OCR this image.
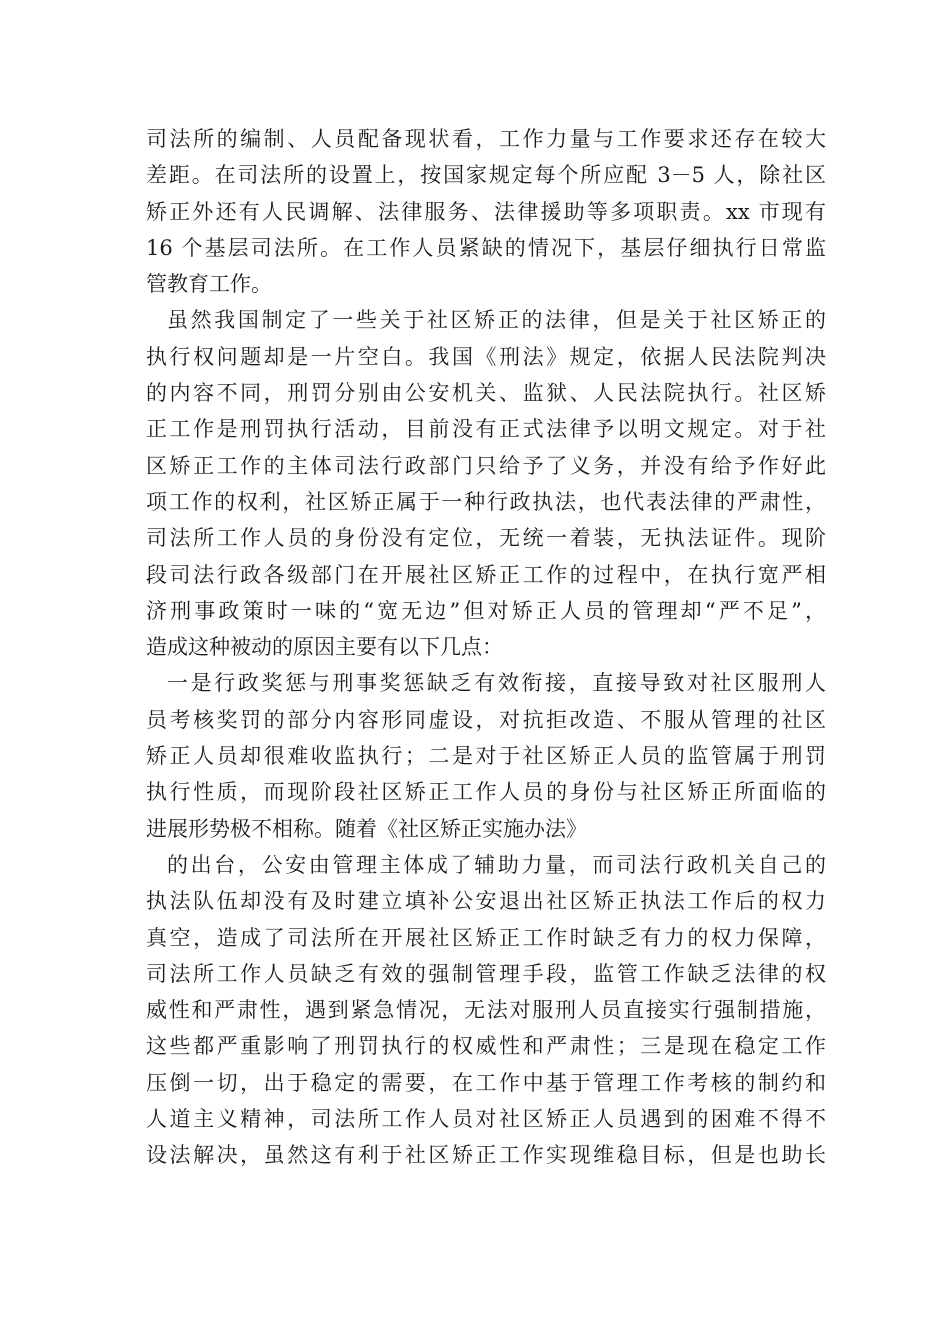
司法所的编制、人员配备现状看，工作力量与工作要求还存在较大
差距。在司法所的设置上，按国家规定每个所应配 3－5 人，除社区
矫正外还有人民调解、法律服务、法律援助等多项职责。xx 市现有
16 个基层司法所。在工作人员紧缺的情况下，基层仔细执行日常监
管教育工作。
虽然我国制定了一些关于社区矫正的法律，但是关于社区矫正的
执行权问题却是一片空白。我国《刑法》规定，依据人民法院判决
的内容不同，刑罚分别由公安机关、监狱、人民法院执行。社区矫
正工作是刑罚执行活动，目前没有正式法律予以明文规定。对于社
区矫正工作的主体司法行政部门只给予了义务，并没有给予作好此
项工作的权利，社区矫正属于一种行政执法，也代表法律的严肃性，
司法所工作人员的身份没有定位，无统一着装，无执法证件。现阶
段司法行政各级部门在开展社区矫正工作的过程中，在执行宽严相
济刑事政策时一味的“宽无边”但对矫正人员的管理却“严不足”，
造成这种被动的原因主要有以下几点：
一是行政奖惩与刑事奖惩缺乏有效衔接，直接导致对社区服刑人
员考核奖罚的部分内容形同虚设，对抗拒改造、不服从管理的社区
矫正人员却很难收监执行；二是对于社区矫正人员的监管属于刑罚
执行性质，而现阶段社区矫正工作人员的身份与社区矫正所面临的
进展形势极不相称。随着《社区矫正实施办法》
的出台，公安由管理主体成了辅助力量，而司法行政机关自己的
执法队伍却没有及时建立填补公安退出社区矫正执法工作后的权力
真空，造成了司法所在开展社区矫正工作时缺乏有力的权力保障，
司法所工作人员缺乏有效的强制管理手段，监管工作缺乏法律的权
威性和严肃性，遇到紧急情况，无法对服刑人员直接实行强制措施，
这些都严重影响了刑罚执行的权威性和严肃性；三是现在稳定工作
压倒一切，出于稳定的需要，在工作中基于管理工作考核的制约和
人道主义精神，司法所工作人员对社区矫正人员遇到的困难不得不
设法解决，虽然这有利于社区矫正工作实现维稳目标，但是也助长
